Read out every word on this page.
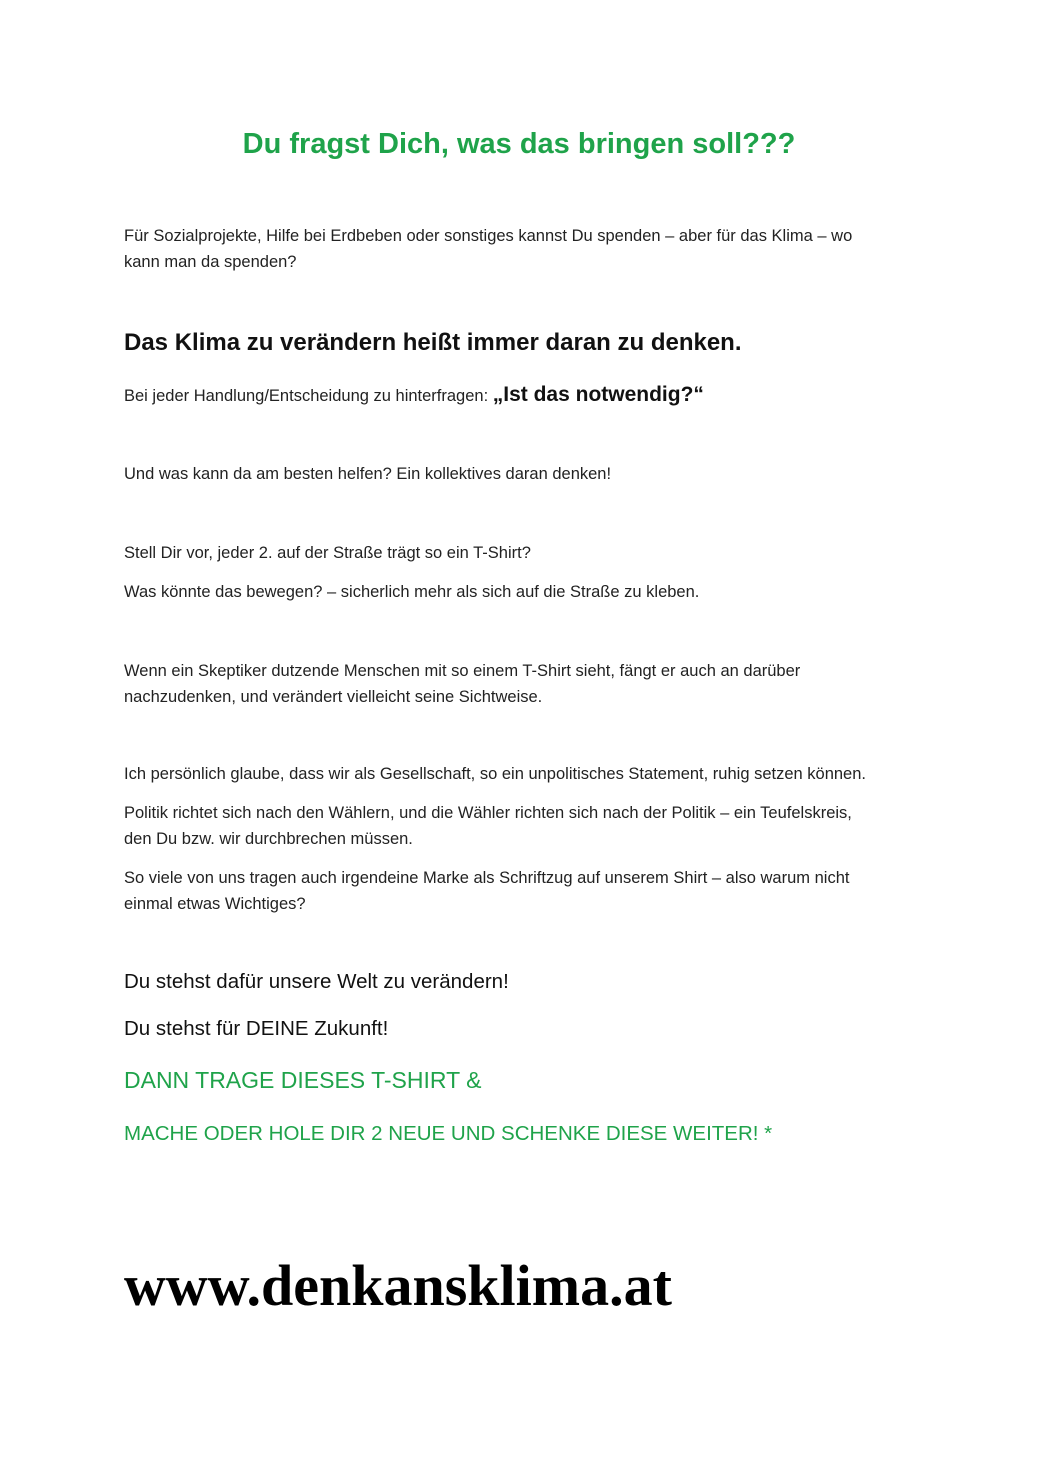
Du fragst Dich, was das bringen soll???

Für Sozialprojekte, Hilfe bei Erdbeben oder sonstiges kannst Du spenden – aber für das Klima – wo

kann man da spenden?

Das Klima zu verändern heißt immer daran zu denken.

Bei jeder Handlung/Entscheidung zu hinterfragen: „Ist das notwendig?“

Und was kann da am besten helfen? Ein kollektives daran denken!

Stell Dir vor, jeder 2. auf der Straße trägt so ein T-Shirt?

Was könnte das bewegen? – sicherlich mehr als sich auf die Straße zu kleben.

Wenn ein Skeptiker dutzende Menschen mit so einem T-Shirt sieht, fängt er auch an darüber

nachzudenken, und verändert vielleicht seine Sichtweise.

Ich persönlich glaube, dass wir als Gesellschaft, so ein unpolitisches Statement, ruhig setzen können.

Politik richtet sich nach den Wählern, und die Wähler richten sich nach der Politik – ein Teufelskreis,

den Du bzw. wir durchbrechen müssen.

So viele von uns tragen auch irgendeine Marke als Schriftzug auf unserem Shirt – also warum nicht

einmal etwas Wichtiges?

Du stehst dafür unsere Welt zu verändern!

Du stehst für DEINE Zukunft!

DANN TRAGE DIESES T-SHIRT &

MACHE ODER HOLE DIR 2 NEUE UND SCHENKE DIESE WEITER! *

www.denkansklima.at
